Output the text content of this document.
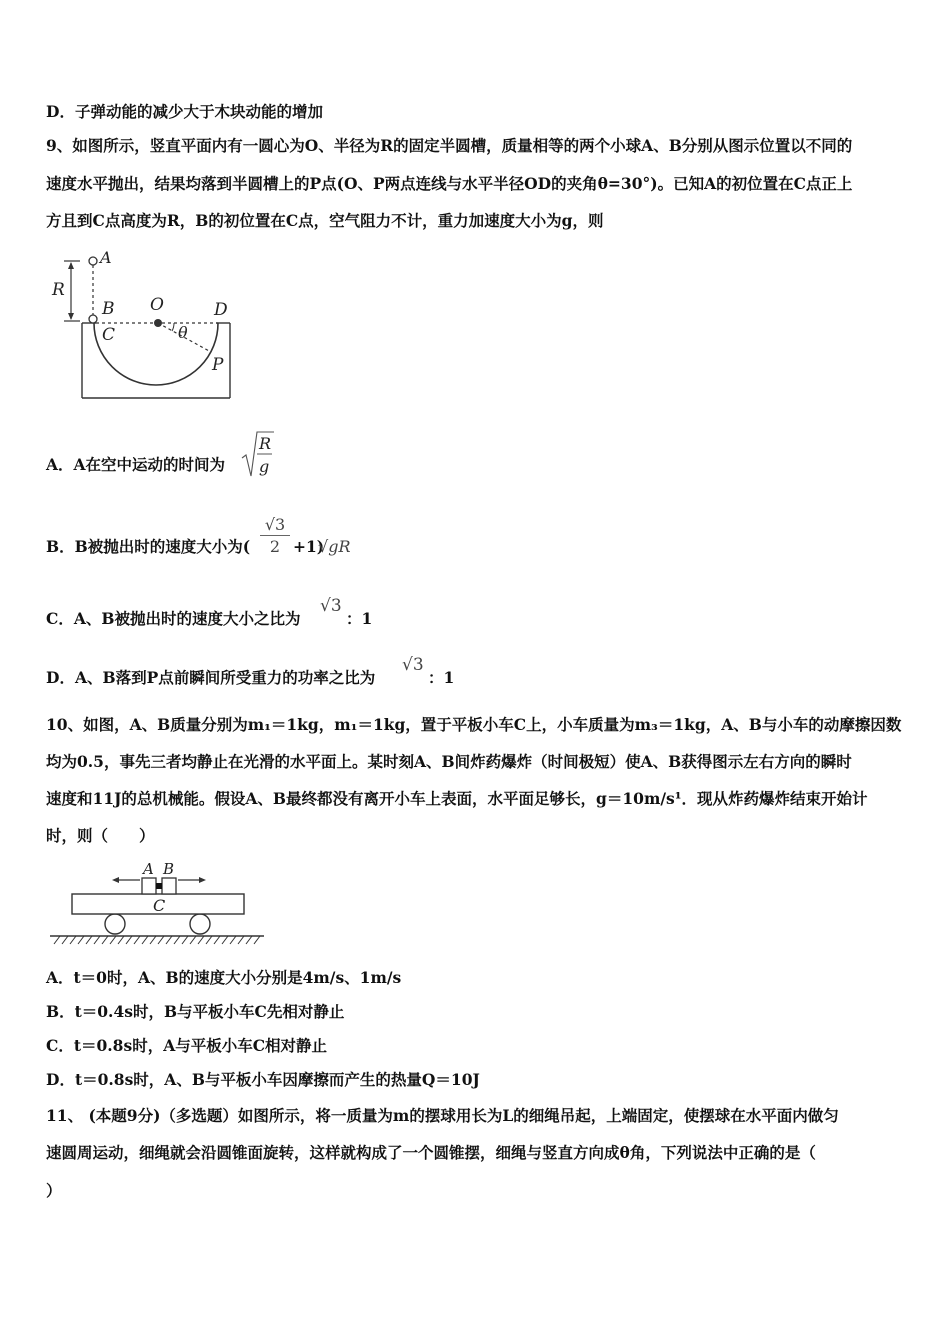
D．子弹动能的减少大于木块动能的增加
9、如图所示，竖直平面内有一圆心为O、半径为R的固定半圆槽，质量相等的两个小球A、B分别从图示位置以不同的
速度水平抛出，结果均落到半圆槽上的P点(O、P两点连线与水平半径OD的夹角θ=30°)。已知A的初位置在C点正上
方且到C点高度为R，B的初位置在C点，空气阻力不计，重力加速度大小为g，则
A
R
B
C
O	D
θ
P
A．A在空中运动的时间为
R
g
B．B被抛出时的速度大小为( $\frac{√3}{2} +1$)
√gR
C．A、B被抛出时的速度大小之比为
√3
：1
D．A、B落到P点前瞬间所受重力的功率之比为
√3
：1
10、如图，A、B质量分别为m₁＝1kg，m₁＝1kg，置于平板小车C上，小车质量为m₃＝1kg，A、B与小车的动摩擦因数
均为0.5，事先三者均静止在光滑的水平面上。某时刻A、B间炸药爆炸（时间极短）使A、B获得图示左右方向的瞬时
速度和11J的总机械能。假设A、B最终都没有离开小车上表面，水平面足够长，g＝10m/s¹．现从炸药爆炸结束开始计
时，则（　　）
A B
C
A．t＝0时，A、B的速度大小分别是4m/s、1m/s
B．t＝0.4s时，B与平板小车C先相对静止
C．t＝0.8s时，A与平板小车C相对静止
D．t＝0.8s时，A、B与平板小车因摩擦而产生的热量Q＝10J
11、 (本题9分)（多选题）如图所示，将一质量为m的摆球用长为L的细绳吊起，上端固定，使摆球在水平面内做匀
速圆周运动，细绳就会沿圆锥面旋转，这样就构成了一个圆锥摆，细绳与竖直方向成θ角，下列说法中正确的是（
）
